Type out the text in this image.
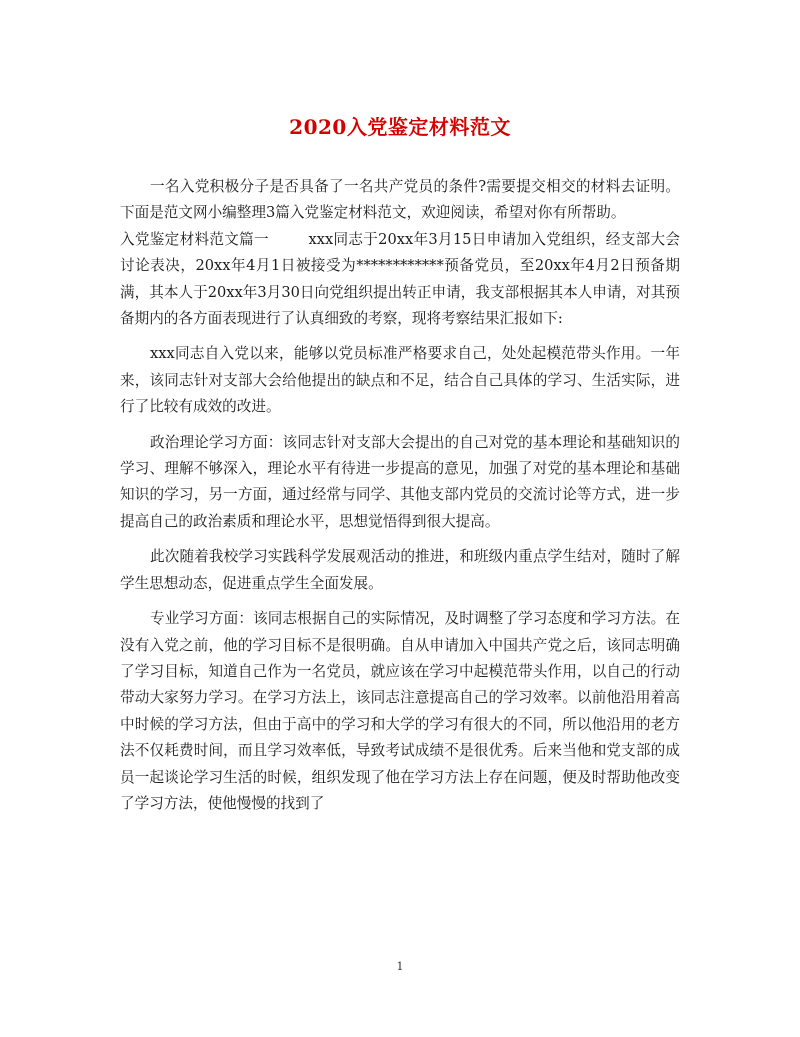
2020入党鉴定材料范文

一名入党积极分子是否具备了一名共产党员的条件?需要提交相交的材料去证明。下面是范文网小编整理3篇入党鉴定材料范文，欢迎阅读，希望对你有所帮助。

入党鉴定材料范文篇一	xxx同志于20xx年3月15日申请加入党组织，经支部大会讨论表决，20xx年4月1日被接受为************预备党员，至20xx年4月2日预备期满，其本人于20xx年3月30日向党组织提出转正申请，我支部根据其本人申请，对其预备期内的各方面表现进行了认真细致的考察，现将考察结果汇报如下:

xxx同志自入党以来，能够以党员标准严格要求自己，处处起模范带头作用。一年来，该同志针对支部大会给他提出的缺点和不足，结合自己具体的学习、生活实际，进行了比较有成效的改进。

政治理论学习方面：该同志针对支部大会提出的自己对党的基本理论和基础知识的学习、理解不够深入，理论水平有待进一步提高的意见，加强了对党的基本理论和基础知识的学习，另一方面，通过经常与同学、其他支部内党员的交流讨论等方式，进一步提高自己的政治素质和理论水平，思想觉悟得到很大提高。

此次随着我校学习实践科学发展观活动的推进，和班级内重点学生结对，随时了解学生思想动态，促进重点学生全面发展。

专业学习方面：该同志根据自己的实际情况，及时调整了学习态度和学习方法。在没有入党之前，他的学习目标不是很明确。自从申请加入中国共产党之后，该同志明确了学习目标，知道自己作为一名党员，就应该在学习中起模范带头作用，以自己的行动带动大家努力学习。在学习方法上，该同志注意提高自己的学习效率。以前他沿用着高中时候的学习方法，但由于高中的学习和大学的学习有很大的不同，所以他沿用的老方法不仅耗费时间，而且学习效率低，导致考试成绩不是很优秀。后来当他和党支部的成员一起谈论学习生活的时候，组织发现了他在学习方法上存在问题，便及时帮助他改变了学习方法，使他慢慢的找到了

1
